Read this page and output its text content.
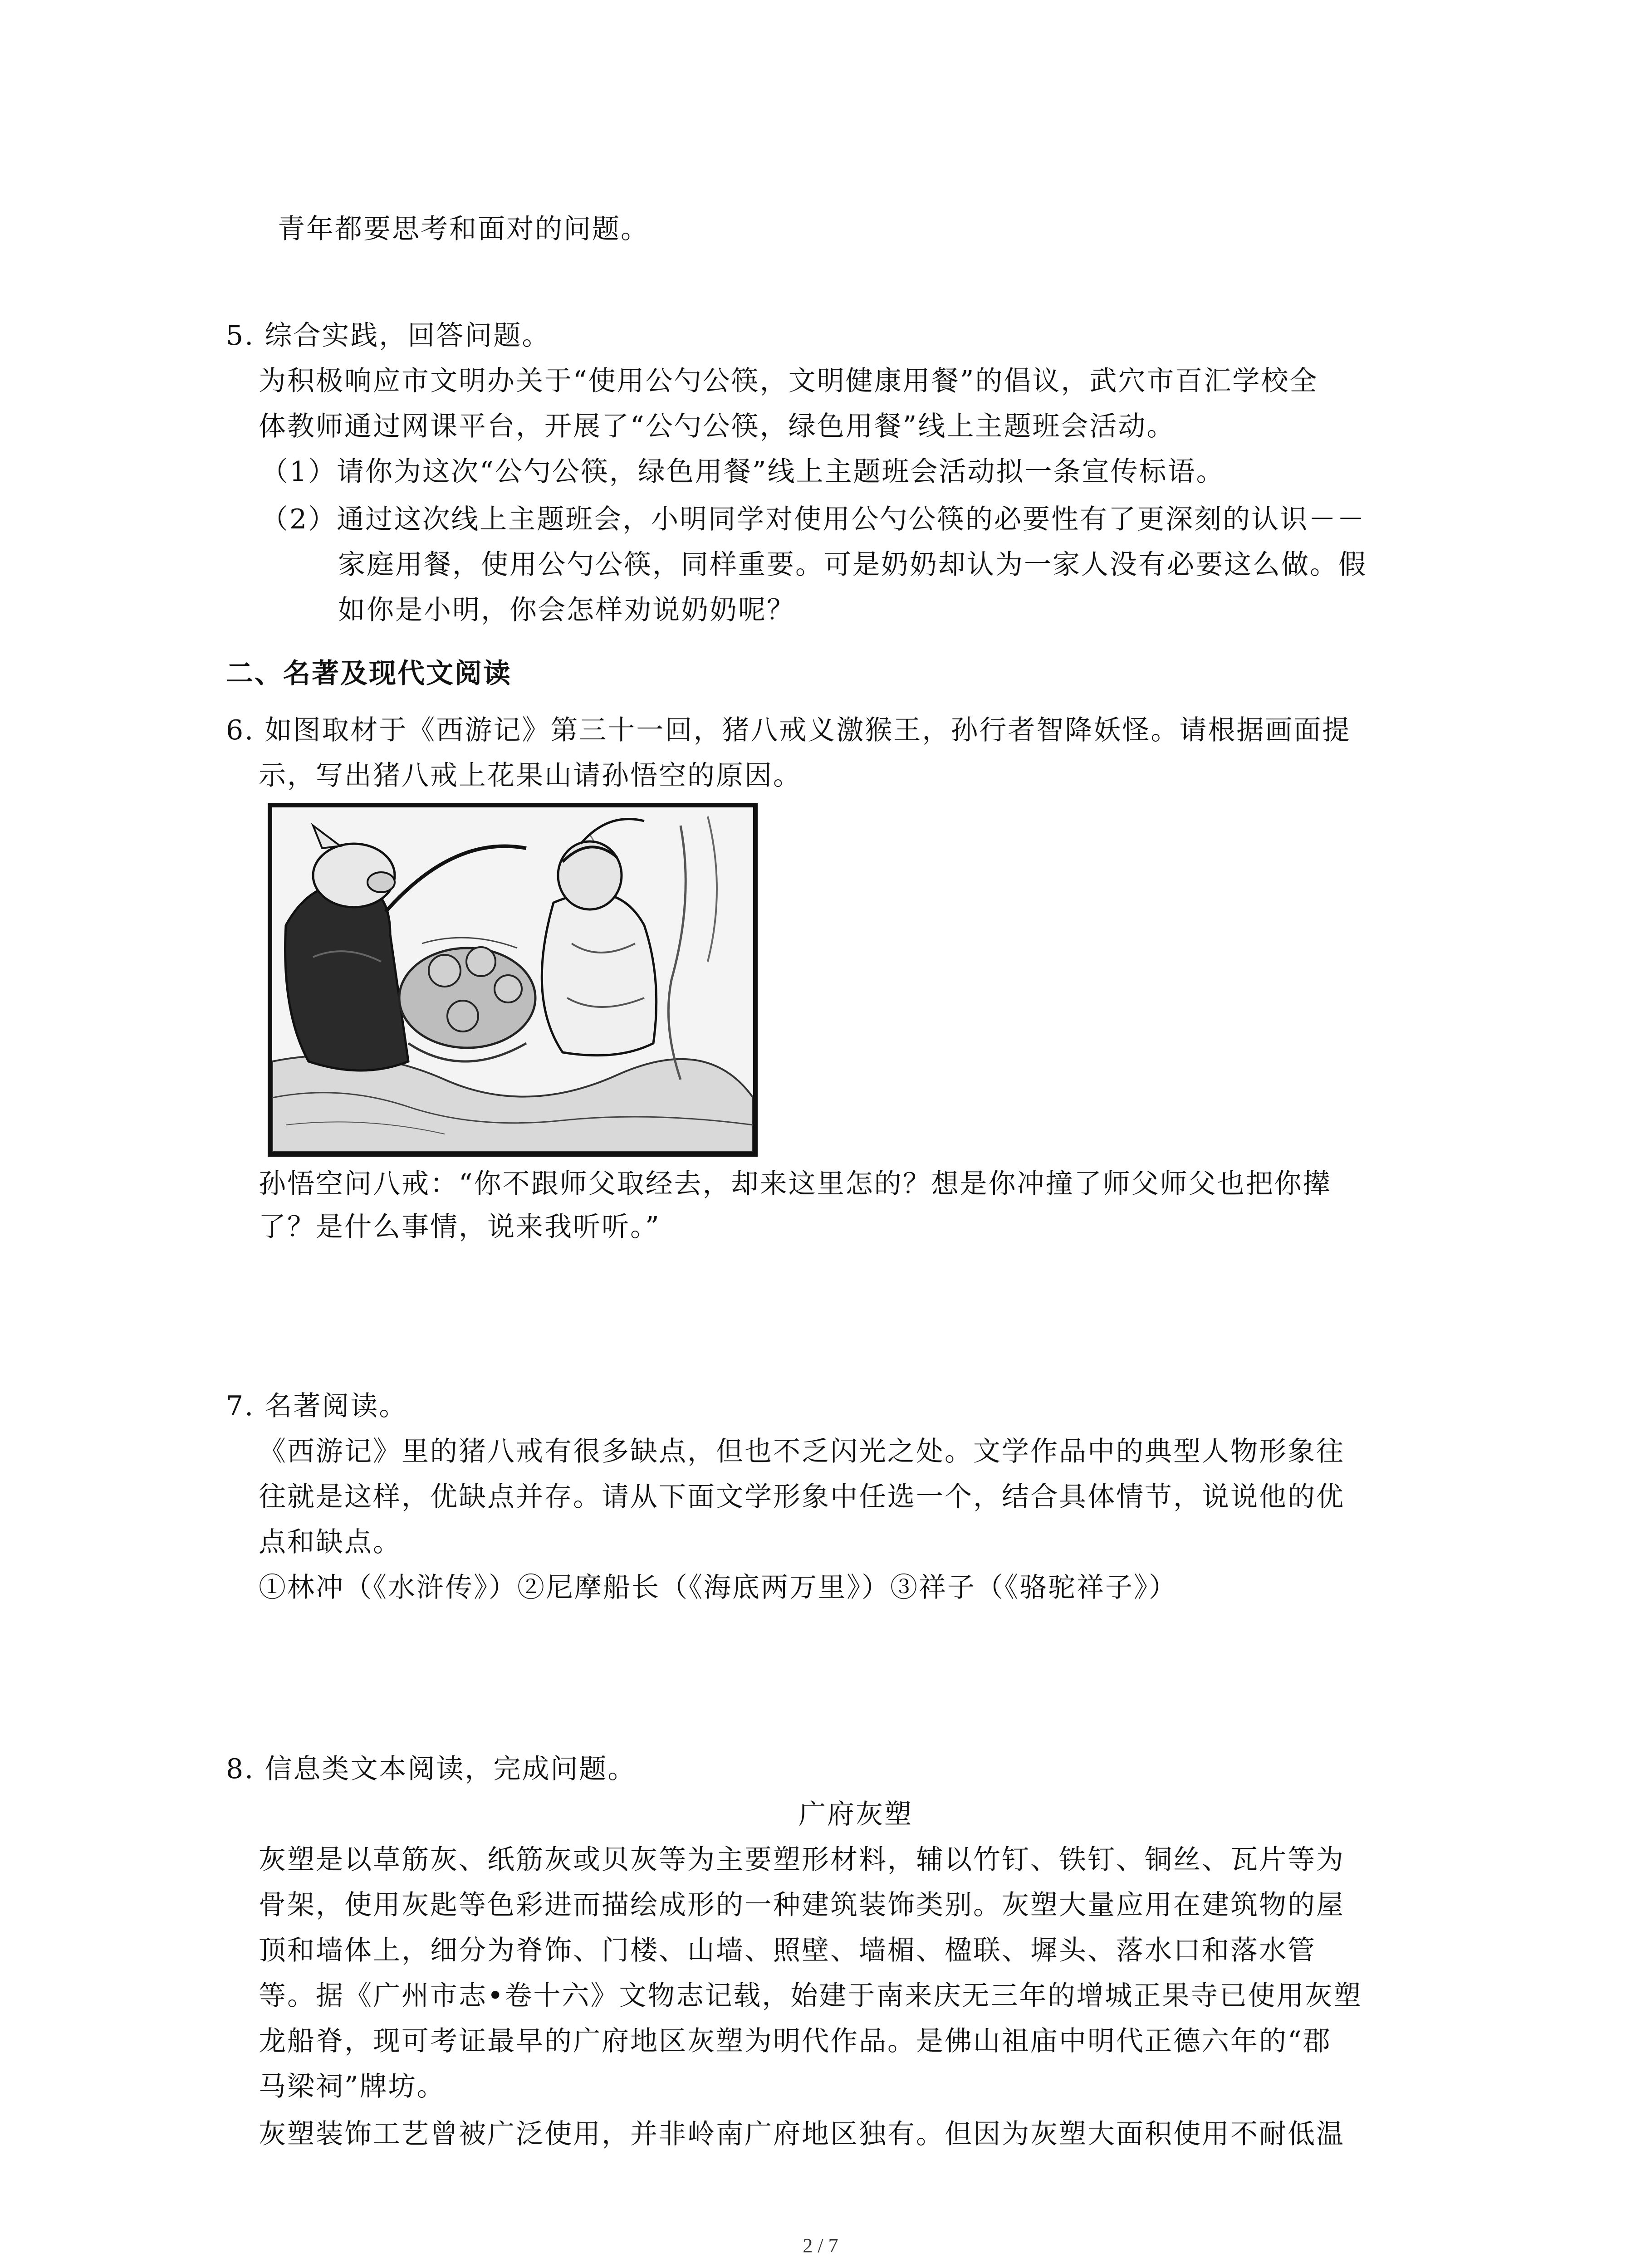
青年都要思考和面对的问题。
5. 综合实践，回答问题。
为积极响应市文明办关于“使用公勺公筷，文明健康用餐”的倡议，武穴市百汇学校全
体教师通过网课平台，开展了“公勺公筷，绿色用餐”线上主题班会活动。
（1）请你为这次“公勺公筷，绿色用餐”线上主题班会活动拟一条宣传标语。
（2）通过这次线上主题班会，小明同学对使用公勺公筷的必要性有了更深刻的认识－－
家庭用餐，使用公勺公筷，同样重要。可是奶奶却认为一家人没有必要这么做。假
如你是小明，你会怎样劝说奶奶呢？
二、名著及现代文阅读
6. 如图取材于《西游记》第三十一回，猪八戒义激猴王，孙行者智降妖怪。请根据画面提
示，写出猪八戒上花果山请孙悟空的原因。
孙悟空问八戒：“你不跟师父取经去，却来这里怎的？想是你冲撞了师父师父也把你撵
了？是什么事情，说来我听听。”
7. 名著阅读。
《西游记》里的猪八戒有很多缺点，但也不乏闪光之处。文学作品中的典型人物形象往
往就是这样，优缺点并存。请从下面文学形象中任选一个，结合具体情节，说说他的优
点和缺点。
①林冲（《水浒传》）②尼摩船长（《海底两万里》）③祥子（《骆驼祥子》）
8. 信息类文本阅读，完成问题。
广府灰塑
灰塑是以草筋灰、纸筋灰或贝灰等为主要塑形材料，辅以竹钉、铁钉、铜丝、瓦片等为
骨架，使用灰匙等色彩进而描绘成形的一种建筑装饰类别。灰塑大量应用在建筑物的屋
顶和墙体上，细分为脊饰、门楼、山墙、照壁、墙楣、楹联、墀头、落水口和落水管
等。据《广州市志•卷十六》文物志记载，始建于南来庆无三年的增城正果寺已使用灰塑
龙船脊，现可考证最早的广府地区灰塑为明代作品。是佛山祖庙中明代正德六年的“郡
马梁祠”牌坊。
灰塑装饰工艺曾被广泛使用，并非岭南广府地区独有。但因为灰塑大面积使用不耐低温
2 / 7
